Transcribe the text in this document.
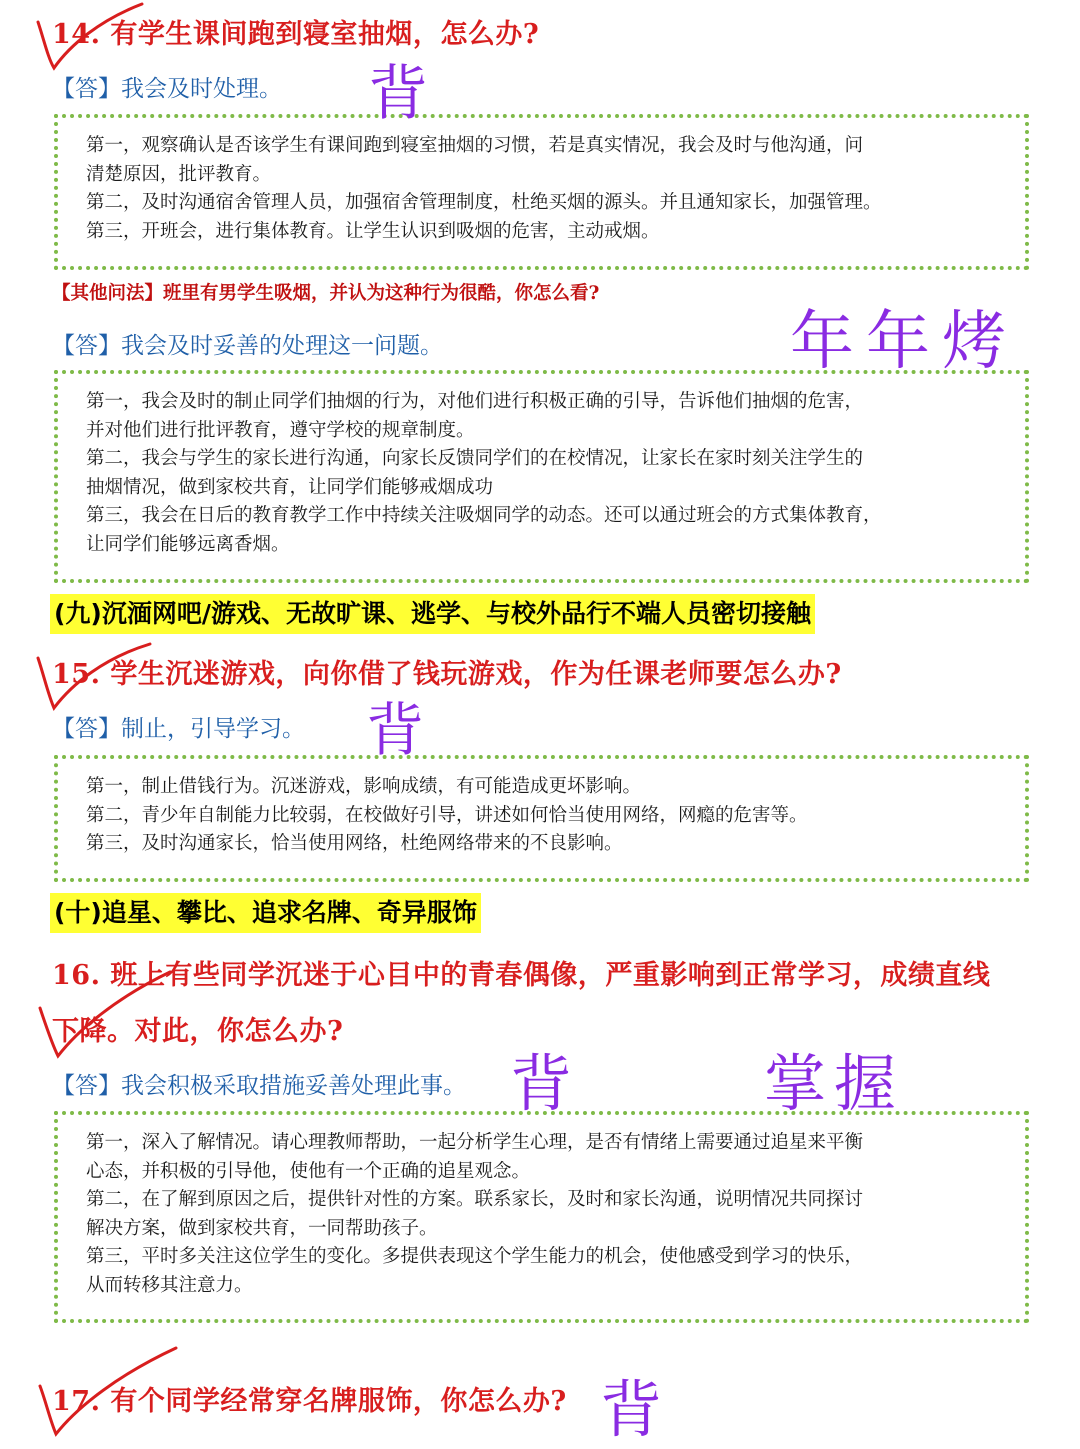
14. 有学生课间跑到寝室抽烟，怎么办?
【答】我会及时处理。

第一，观察确认是否该学生有课间跑到寝室抽烟的习惯，若是真实情况，我会及时与他沟通，问

清楚原因，批评教育。

第二，及时沟通宿舍管理人员，加强宿舍管理制度，杜绝买烟的源头。并且通知家长，加强管理。

第三，开班会，进行集体教育。让学生认识到吸烟的危害，主动戒烟。

【其他问法】班里有男学生吸烟，并认为这种行为很酷，你怎么看?
【答】我会及时妥善的处理这一问题。

第一，我会及时的制止同学们抽烟的行为，对他们进行积极正确的引导，告诉他们抽烟的危害，

并对他们进行批评教育，遵守学校的规章制度。

第二，我会与学生的家长进行沟通，向家长反馈同学们的在校情况，让家长在家时刻关注学生的

抽烟情况，做到家校共育，让同学们能够戒烟成功

第三，我会在日后的教育教学工作中持续关注吸烟同学的动态。还可以通过班会的方式集体教育，

让同学们能够远离香烟。

(九)沉湎网吧/游戏、无故旷课、逃学、与校外品行不端人员密切接触
15. 学生沉迷游戏，向你借了钱玩游戏，作为任课老师要怎么办?
【答】制止，引导学习。

第一，制止借钱行为。沉迷游戏，影响成绩，有可能造成更坏影响。

第二，青少年自制能力比较弱，在校做好引导，讲述如何恰当使用网络，网瘾的危害等。

第三，及时沟通家长，恰当使用网络，杜绝网络带来的不良影响。

(十)追星、攀比、追求名牌、奇异服饰
16. 班上有些同学沉迷于心目中的青春偶像，严重影响到正常学习，成绩直线
下降。对此，你怎么办?
【答】我会积极采取措施妥善处理此事。

第一，深入了解情况。请心理教师帮助，一起分析学生心理，是否有情绪上需要通过追星来平衡

心态，并积极的引导他，使他有一个正确的追星观念。

第二，在了解到原因之后，提供针对性的方案。联系家长，及时和家长沟通，说明情况共同探讨

解决方案，做到家校共育，一同帮助孩子。

第三，平时多关注这位学生的变化。多提供表现这个学生能力的机会，使他感受到学习的快乐，

从而转移其注意力。

17. 有个同学经常穿名牌服饰，你怎么办?
背
年年烤
背
背	掌握
背
